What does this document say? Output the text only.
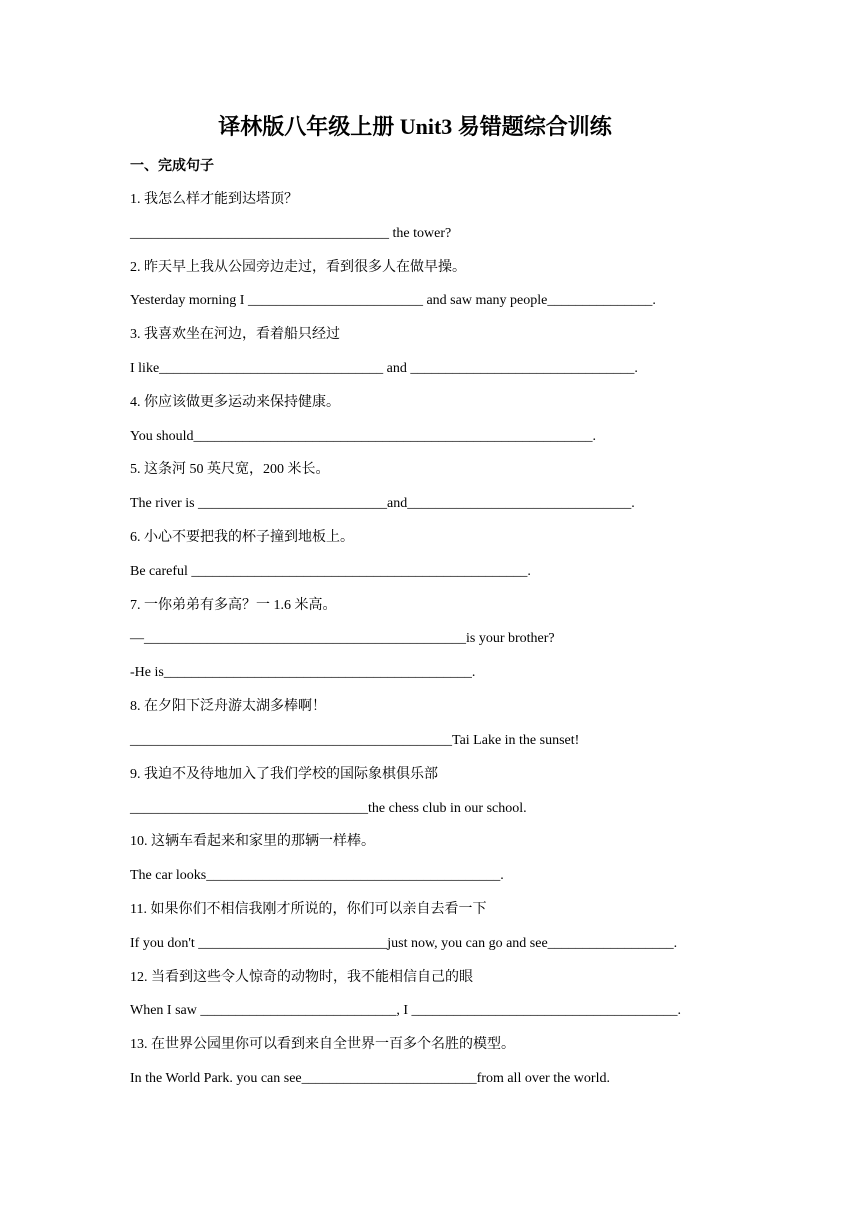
译林版八年级上册 Unit3 易错题综合训练
一、完成句子
1. 我怎么样才能到达塔顶？
_____________________________________ the tower?
2. 昨天早上我从公园旁边走过，看到很多人在做早操。
Yesterday morning I _________________________ and saw many people_______________.
3. 我喜欢坐在河边，看着船只经过
I like________________________________ and ________________________________.
4. 你应该做更多运动来保持健康。
You should_________________________________________________________.
5. 这条河 50 英尺宽，200 米长。
The river is ___________________________and________________________________.
6. 小心不要把我的杯子撞到地板上。
Be careful ________________________________________________.
7. 一你弟弟有多高？一 1.6 米高。
—______________________________________________is your brother?
-He is____________________________________________.
8. 在夕阳下泛舟游太湖多棒啊！
______________________________________________Tai Lake in the sunset!
9. 我迫不及待地加入了我们学校的国际象棋俱乐部
__________________________________the chess club in our school.
10. 这辆车看起来和家里的那辆一样棒。
The car looks__________________________________________.
11. 如果你们不相信我刚才所说的，你们可以亲自去看一下
If you don't ___________________________just now, you can go and see__________________.
12. 当看到这些令人惊奇的动物时，我不能相信自己的眼
When I saw ____________________________, I ______________________________________.
13. 在世界公园里你可以看到来自全世界一百多个名胜的模型。
In the World Park. you can see_________________________from all over the world.
